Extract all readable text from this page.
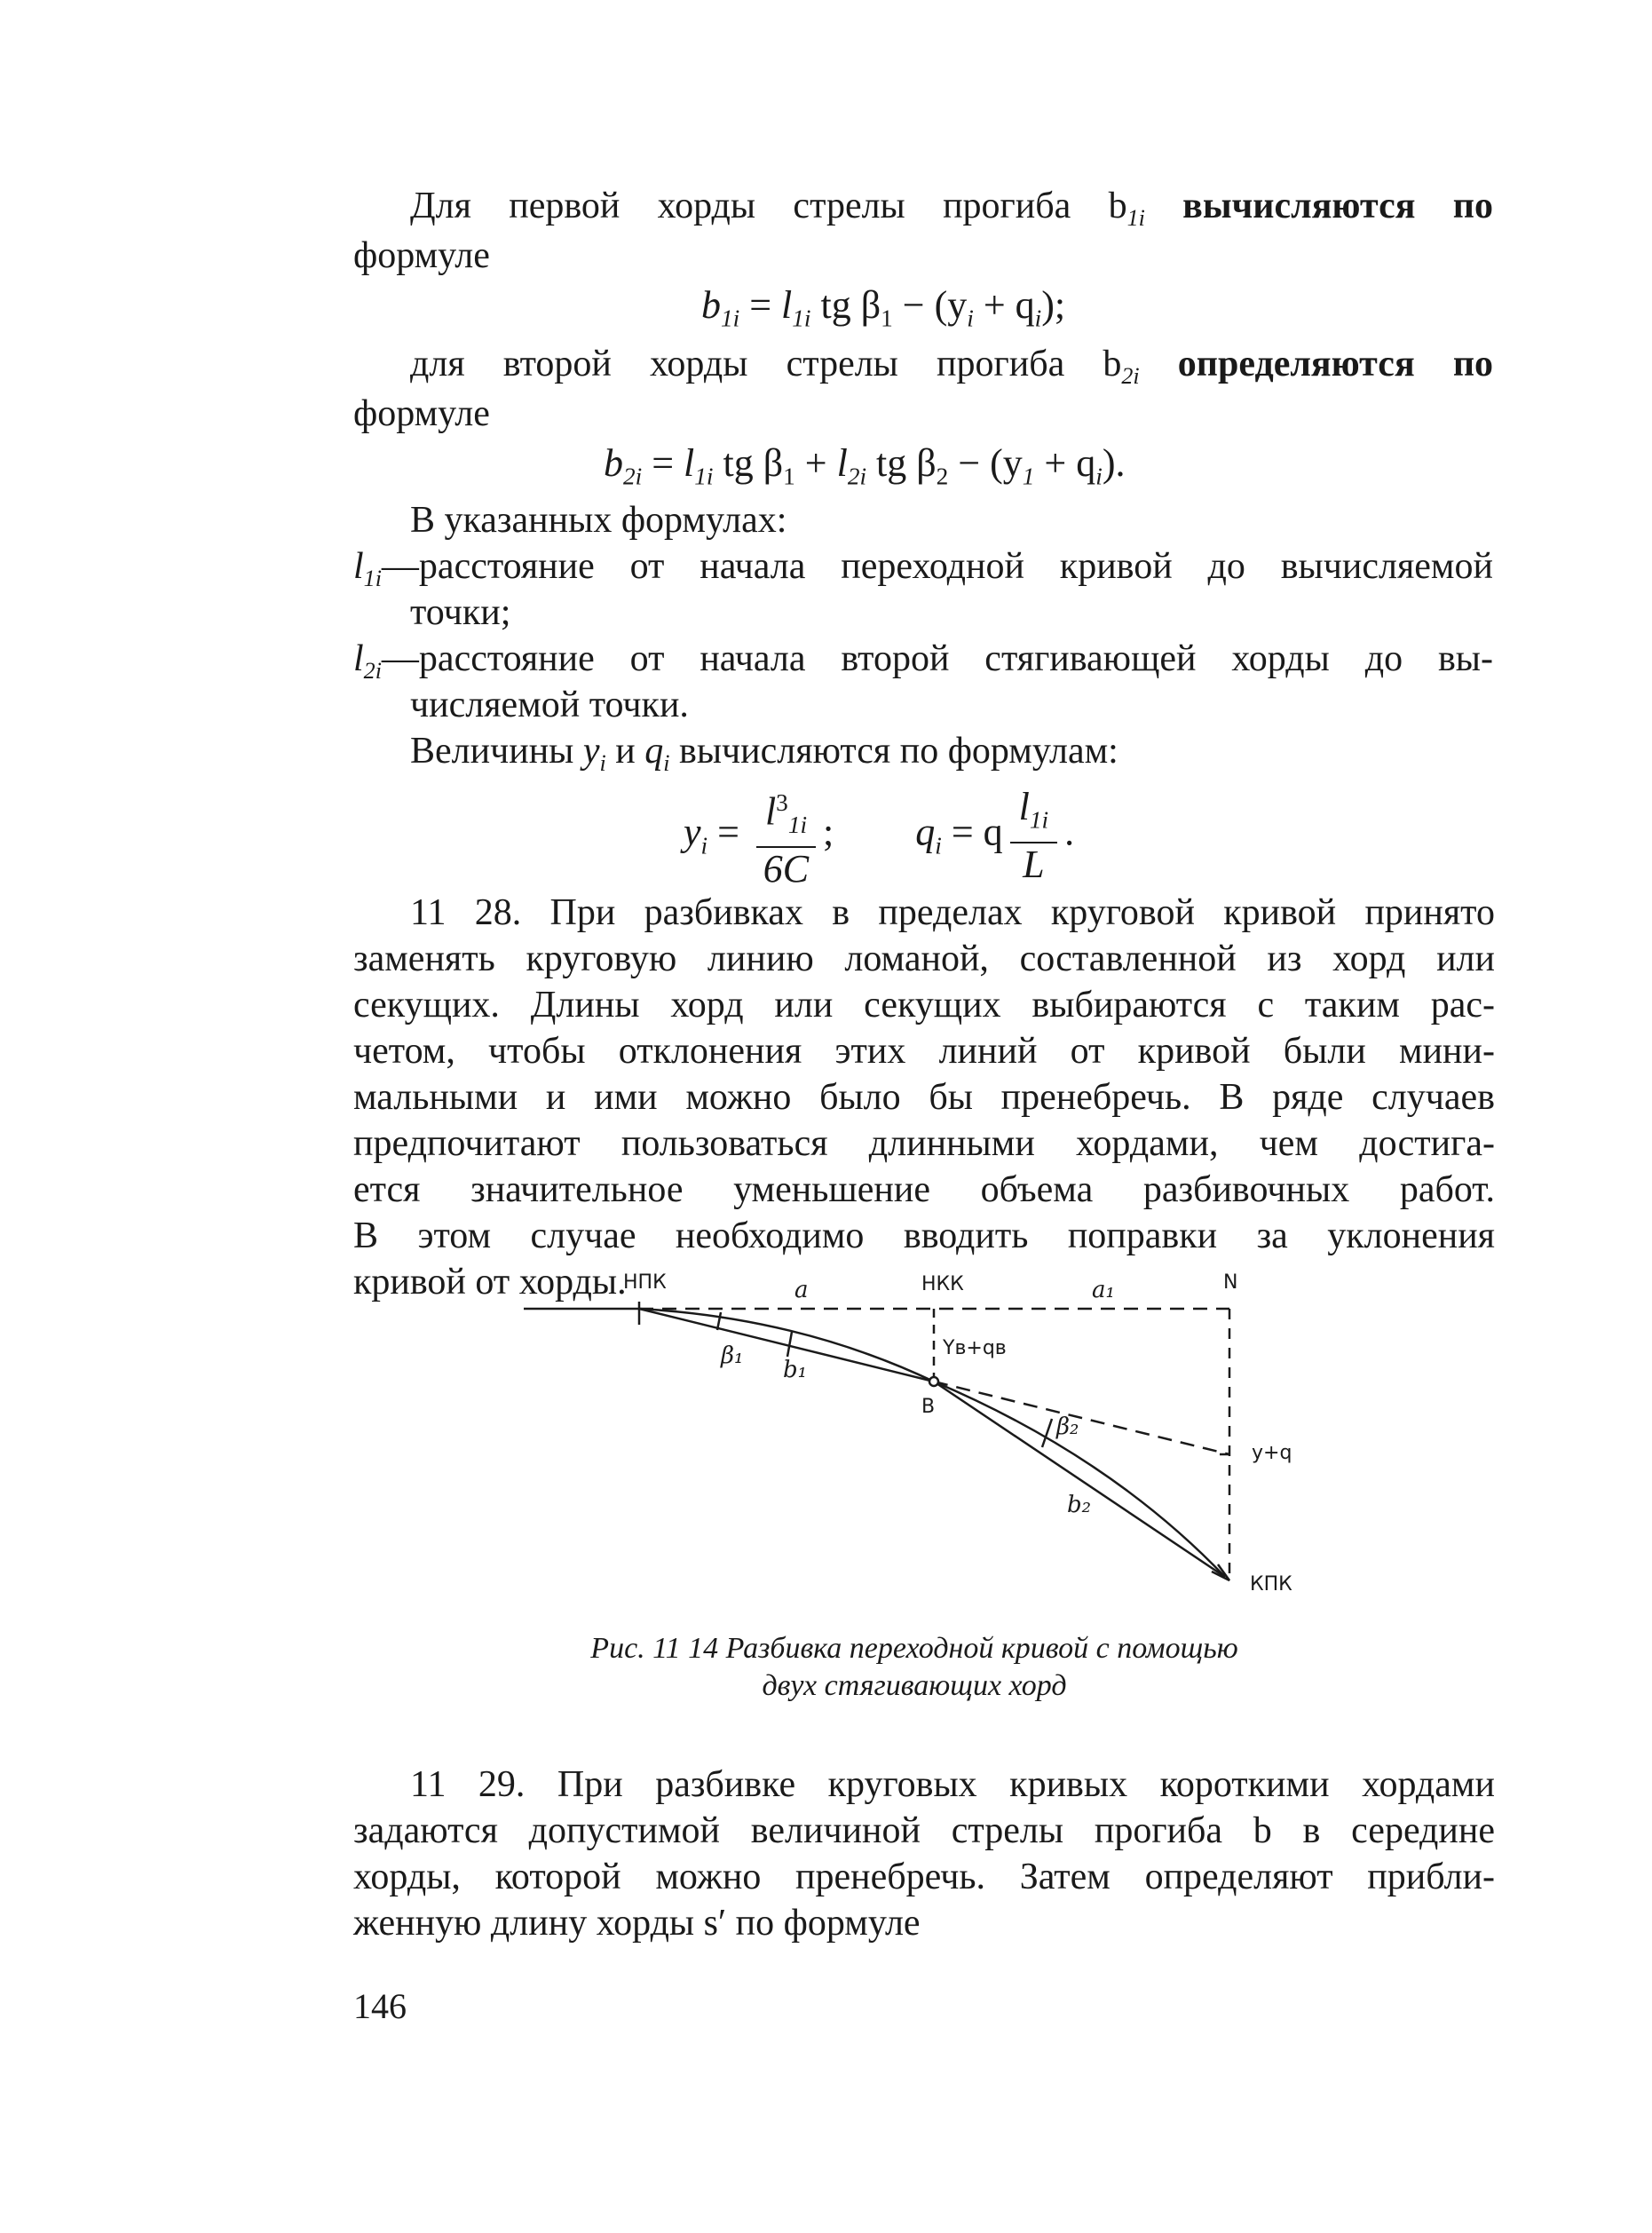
Для первой хорды стрелы прогиба $b_{1i}$ вычисляются по
формуле
$b_{1i} = l_{1i}$ tg $\beta_1 - (y_i + q_i)$;
для второй хорды стрелы прогиба $b_{2i}$ определяются по
формуле
$b_{2i} = l_{1i}$ tg $\beta_1 + l_{2i}$ tg $\beta_2 - (y_1 + q_i)$.
В указанных формулах:
$l_{1i}—расстояние$ от начала переходной кривой до вычисляемой
точки;
$l_{2i}—расстояние$ от начала второй стягивающей хорды до вы-
числяемой точки.
Величины $y_i$ и $q_i$ вычисляются по формулам:
$y_i = \frac{l^3_{1i}}{6C}$ ; $q_i = q \frac{l_{1i}}{L}$ .
11 28. При разбивках в пределах круговой кривой принято
заменять круговую линию ломаной, составленной из хорд или
секущих. Длины хорд или секущих выбираются с таким рас-
четом, чтобы отклонения этих линий от кривой были мини-
мальными и ими можно было бы пренебречь. В ряде случаев
предпочитают пользоваться длинными хордами, чем достига-
ется значительное уменьшение объема разбивочных работ.
В этом случае необходимо вводить поправки за уклонения
кривой от хорды.
НПК	a	НКК	a₁	N
β₁
b₁
Yв+qв
В
β₂
y+q
b₂
КПК
Рис. 11 14 Разбивка переходной кривой с помощью
двух стягивающих хорд
11 29. При разбивке круговых кривых короткими хордами
задаются допустимой величиной стрелы прогиба b в середине
хорды, которой можно пренебречь. Затем определяют прибли-
женную длину хорды s′ по формуле
146
